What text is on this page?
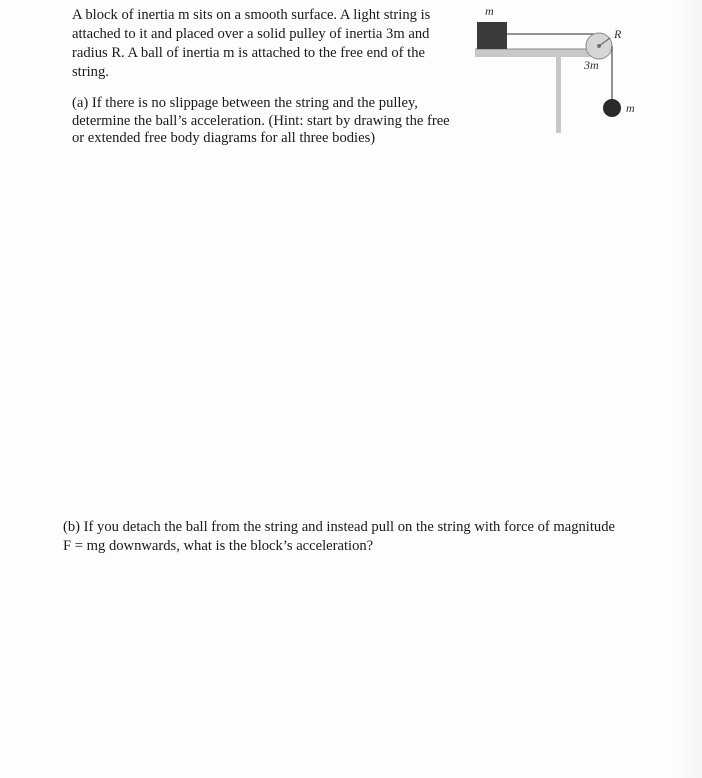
A block of inertia m sits on a smooth surface. A light string is attached to it and placed over a solid pulley of inertia 3m and radius R. A ball of inertia m is attached to the free end of the string.
(a) If there is no slippage between the string and the pulley, determine the ball’s acceleration. (Hint: start by drawing the free or extended free body diagrams for all three bodies)
(b) If you detach the ball from the string and instead pull on the string with force of magnitude
F = mg downwards, what is the block’s acceleration?
m
3m
R
m
